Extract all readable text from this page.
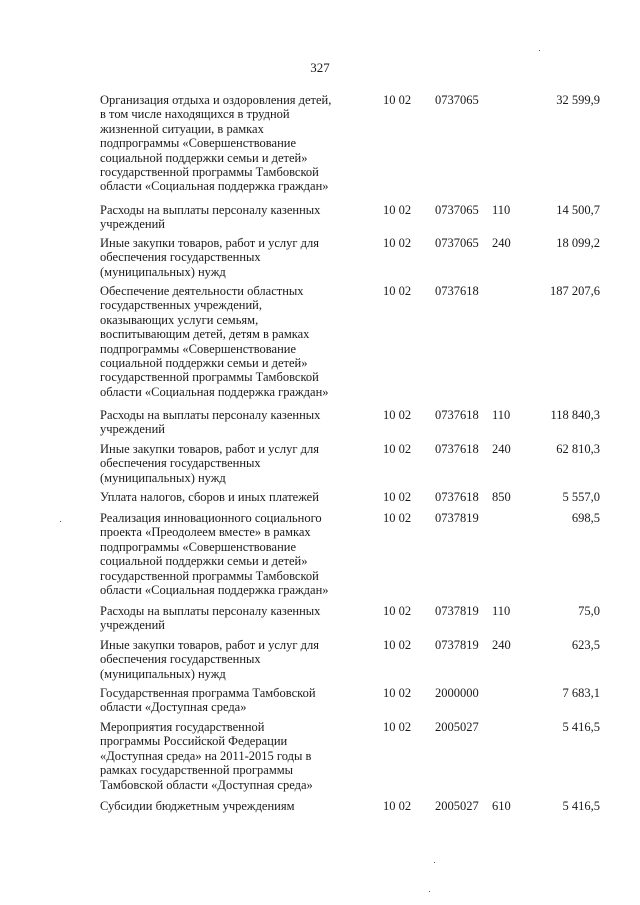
327
Организация отдыха и оздоровления детей,
в том числе находящихся в трудной
жизненной ситуации, в рамках
подпрограммы «Совершенствование
социальной поддержки семьи и детей»
государственной программы Тамбовской
области «Социальная поддержка граждан»
10 02 0737065	32 599,9
Расходы на выплаты персоналу казенных
учреждений
10 02 0737065 110	14 500,7
Иные закупки товаров, работ и услуг для
обеспечения государственных
(муниципальных) нужд
10 02 0737065 240	18 099,2
Обеспечение деятельности областных
государственных учреждений,
оказывающих услуги семьям,
воспитывающим детей, детям в рамках
подпрограммы «Совершенствование
социальной поддержки семьи и детей»
государственной программы Тамбовской
области «Социальная поддержка граждан»
10 02 0737618	187 207,6
Расходы на выплаты персоналу казенных
учреждений
10 02 0737618 110	118 840,3
Иные закупки товаров, работ и услуг для
обеспечения государственных
(муниципальных) нужд
10 02 0737618 240	62 810,3
Уплата налогов, сборов и иных платежей	10 02 0737618 850	5 557,0
Реализация инновационного социального
проекта «Преодолеем вместе» в рамках
подпрограммы «Совершенствование
социальной поддержки семьи и детей»
государственной программы Тамбовской
области «Социальная поддержка граждан»
10 02 0737819	698,5
Расходы на выплаты персоналу казенных
учреждений
10 02 0737819 110	75,0
Иные закупки товаров, работ и услуг для
обеспечения государственных
(муниципальных) нужд
10 02 0737819 240	623,5
Государственная программа Тамбовской
области «Доступная среда»
10 02 2000000	7 683,1
Мероприятия государственной
программы Российской Федерации
«Доступная среда» на 2011-2015 годы в
рамках государственной программы
Тамбовской области «Доступная среда»
10 02 2005027	5 416,5
Субсидии бюджетным учреждениям	10 02 2005027 610	5 416,5
